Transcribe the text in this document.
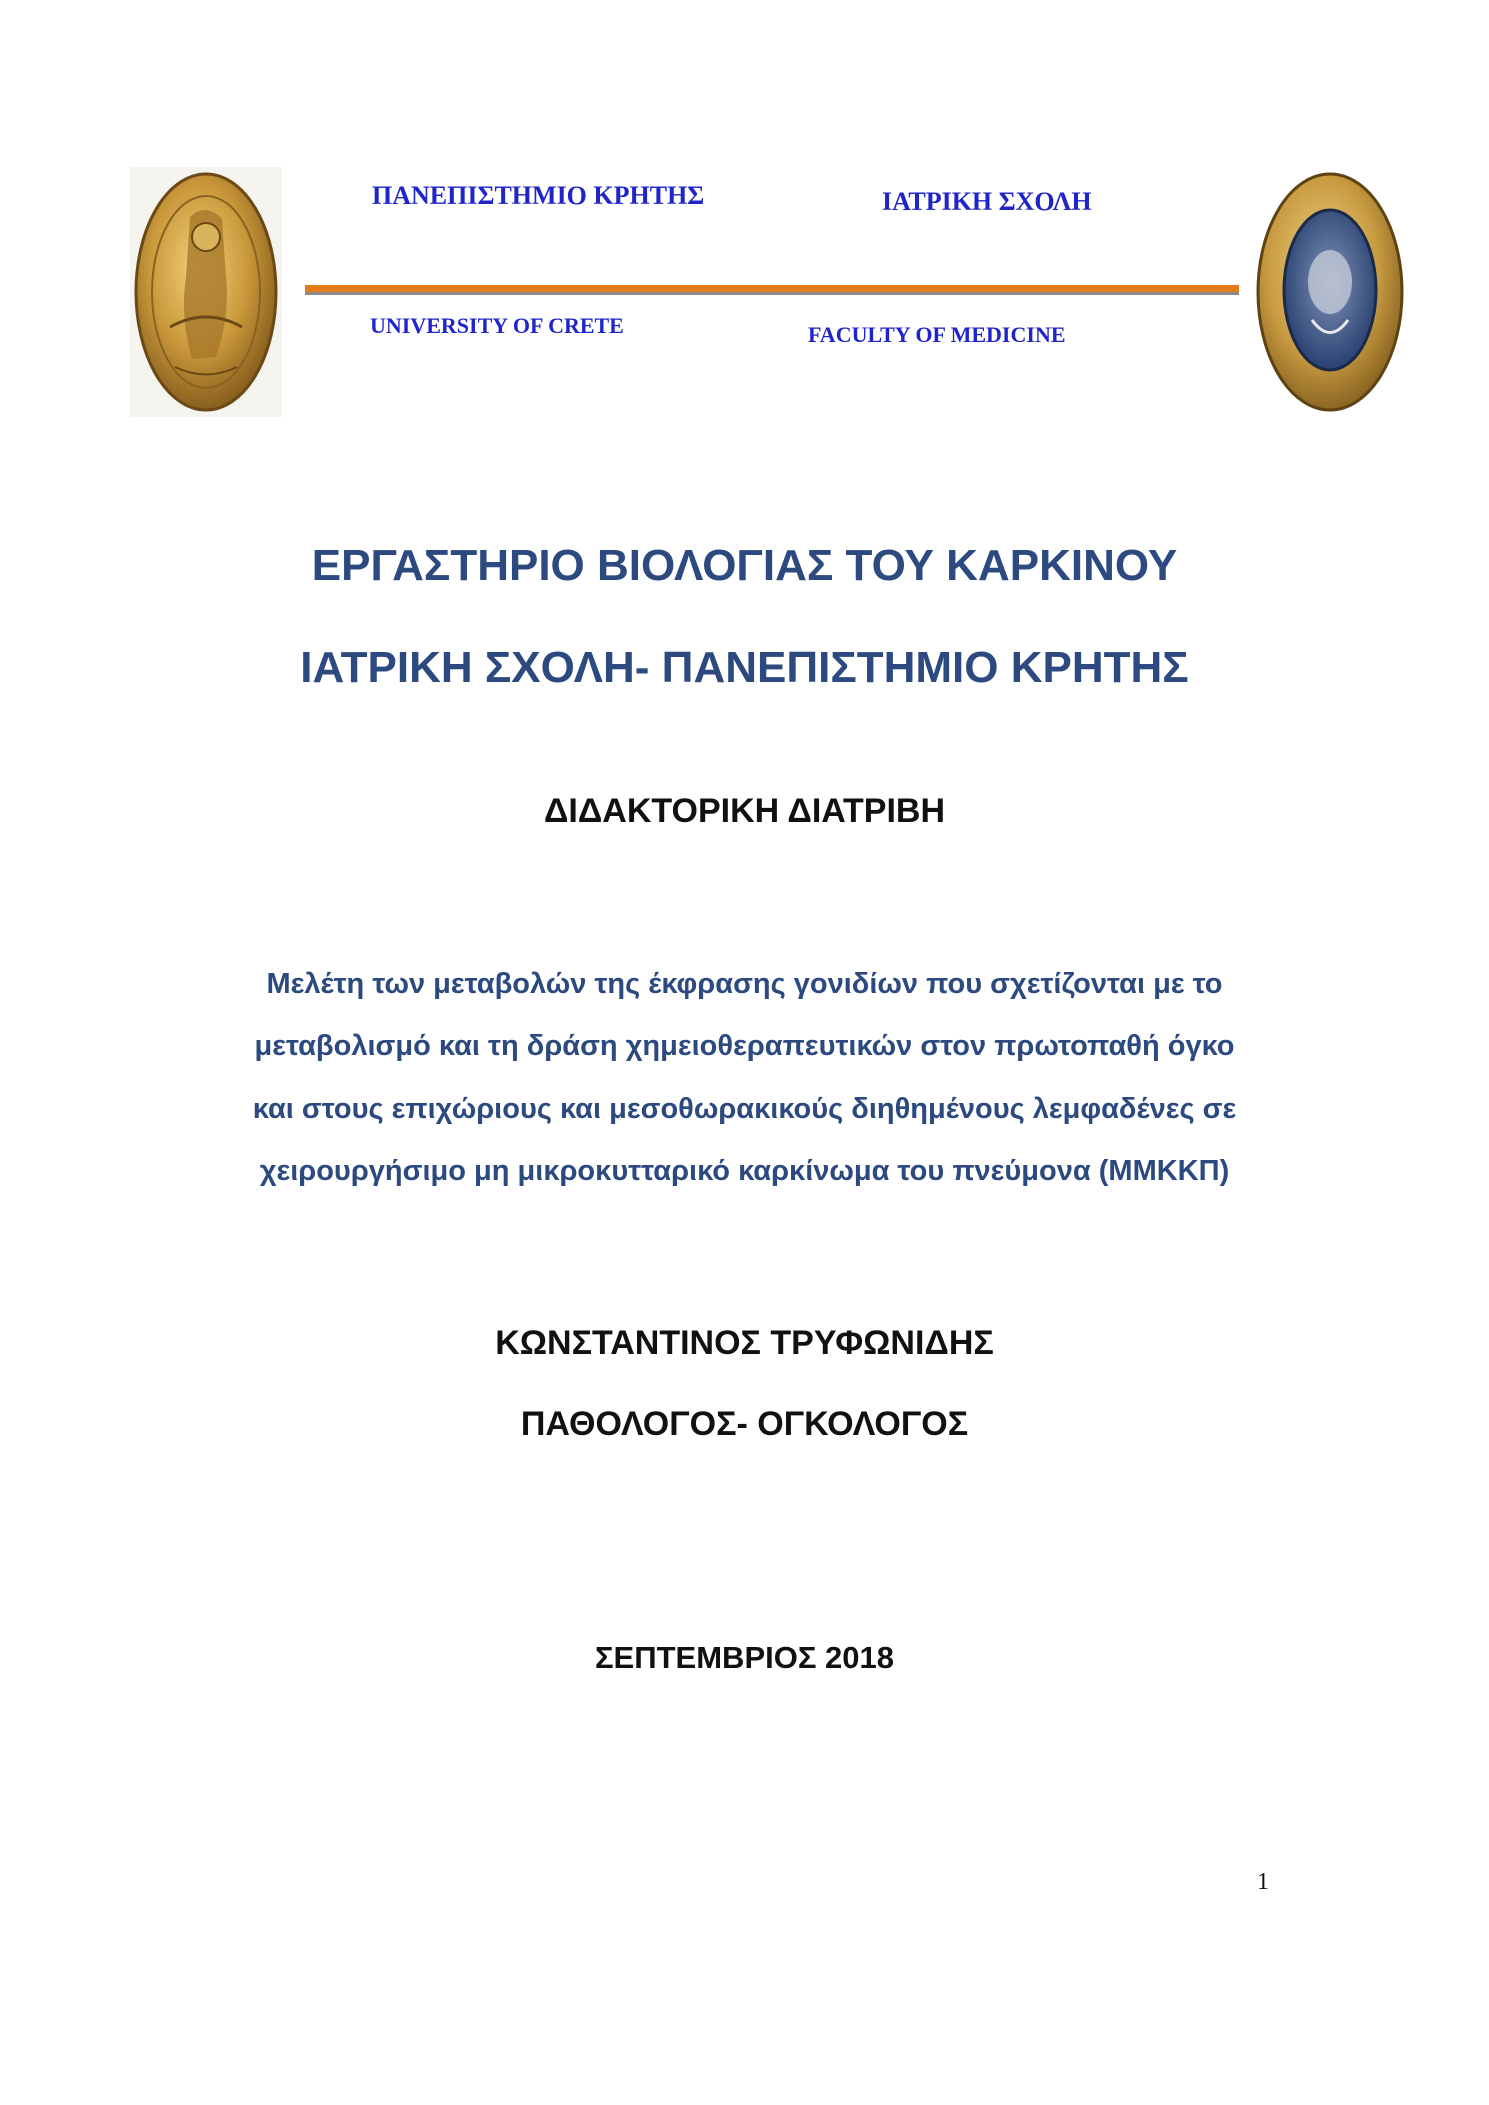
ΠΑΝΕΠΙΣΤΗΜΙΟ ΚΡΗΤΗΣ	ΙΑΤΡΙΚΗ ΣΧΟΛΗ
UNIVERSITY OF CRETE	FACULTY OF MEDICINE
ΕΡΓΑΣΤΗΡΙΟ ΒΙΟΛΟΓΙΑΣ ΤΟΥ ΚΑΡΚΙΝΟΥ
ΙΑΤΡΙΚΗ ΣΧΟΛΗ- ΠΑΝΕΠΙΣΤΗΜΙΟ ΚΡΗΤΗΣ
ΔΙΔΑΚΤΟΡΙΚΗ ΔΙΑΤΡΙΒΗ
Μελέτη των μεταβολών της έκφρασης γονιδίων που σχετίζονται με το
μεταβολισμό και τη δράση χημειοθεραπευτικών στον πρωτοπαθή όγκο
και στους επιχώριους και μεσοθωρακικούς διηθημένους λεμφαδένες σε
χειρουργήσιμο μη μικροκυτταρικό καρκίνωμα του πνεύμονα (ΜΜΚΚΠ)
ΚΩΝΣΤΑΝΤΙΝΟΣ ΤΡΥΦΩΝΙΔΗΣ
ΠΑΘΟΛΟΓΟΣ- ΟΓΚΟΛΟΓΟΣ
ΣΕΠΤΕΜΒΡΙΟΣ 2018
1
